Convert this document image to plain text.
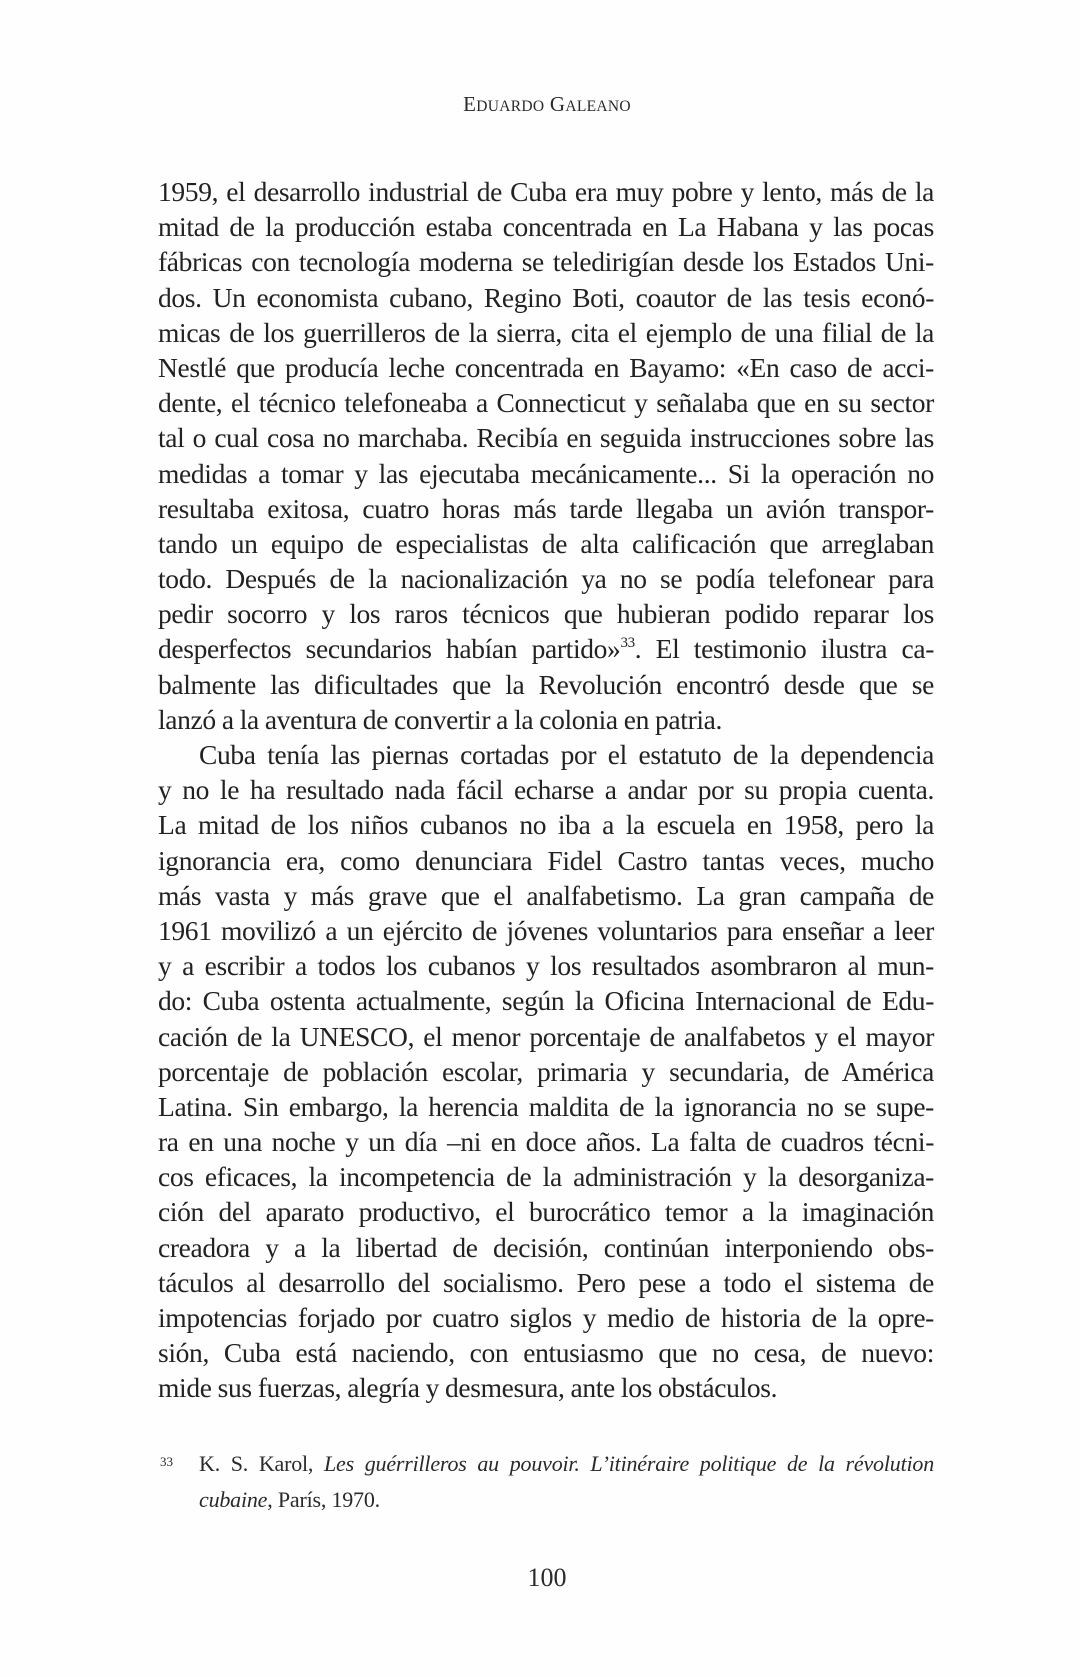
EDUARDO GALEANO
1959, el desarrollo industrial de Cuba era muy pobre y lento, más de la
mitad de la producción estaba concentrada en La Habana y las pocas
fábricas con tecnología moderna se teledirigían desde los Estados Uni-
dos. Un economista cubano, Regino Boti, coautor de las tesis econó-
micas de los guerrilleros de la sierra, cita el ejemplo de una filial de la
Nestlé que producía leche concentrada en Bayamo: «En caso de acci-
dente, el técnico telefoneaba a Connecticut y señalaba que en su sector
tal o cual cosa no marchaba. Recibía en seguida instrucciones sobre las
medidas a tomar y las ejecutaba mecánicamente... Si la operación no
resultaba exitosa, cuatro horas más tarde llegaba un avión transpor-
tando un equipo de especialistas de alta calificación que arreglaban
todo. Después de la nacionalización ya no se podía telefonear para
pedir socorro y los raros técnicos que hubieran podido reparar los
desperfectos secundarios habían partido»$^{33}$. El testimonio ilustra ca-
balmente las dificultades que la Revolución encontró desde que se
lanzó a la aventura de convertir a la colonia en patria.
Cuba tenía las piernas cortadas por el estatuto de la dependencia
y no le ha resultado nada fácil echarse a andar por su propia cuenta.
La mitad de los niños cubanos no iba a la escuela en 1958, pero la
ignorancia era, como denunciara Fidel Castro tantas veces, mucho
más vasta y más grave que el analfabetismo. La gran campaña de
1961 movilizó a un ejército de jóvenes voluntarios para enseñar a leer
y a escribir a todos los cubanos y los resultados asombraron al mun-
do: Cuba ostenta actualmente, según la Oficina Internacional de Edu-
cación de la UNESCO, el menor porcentaje de analfabetos y el mayor
porcentaje de población escolar, primaria y secundaria, de América
Latina. Sin embargo, la herencia maldita de la ignorancia no se supe-
ra en una noche y un día –ni en doce años. La falta de cuadros técni-
cos eficaces, la incompetencia de la administración y la desorganiza-
ción del aparato productivo, el burocrático temor a la imaginación
creadora y a la libertad de decisión, continúan interponiendo obs-
táculos al desarrollo del socialismo. Pero pese a todo el sistema de
impotencias forjado por cuatro siglos y medio de historia de la opre-
sión, Cuba está naciendo, con entusiasmo que no cesa, de nuevo:
mide sus fuerzas, alegría y desmesura, ante los obstáculos.
33 K. S. Karol, Les guérrilleros au pouvoir. L’itinéraire politique de la révolution
cubaine, París, 1970.
100
